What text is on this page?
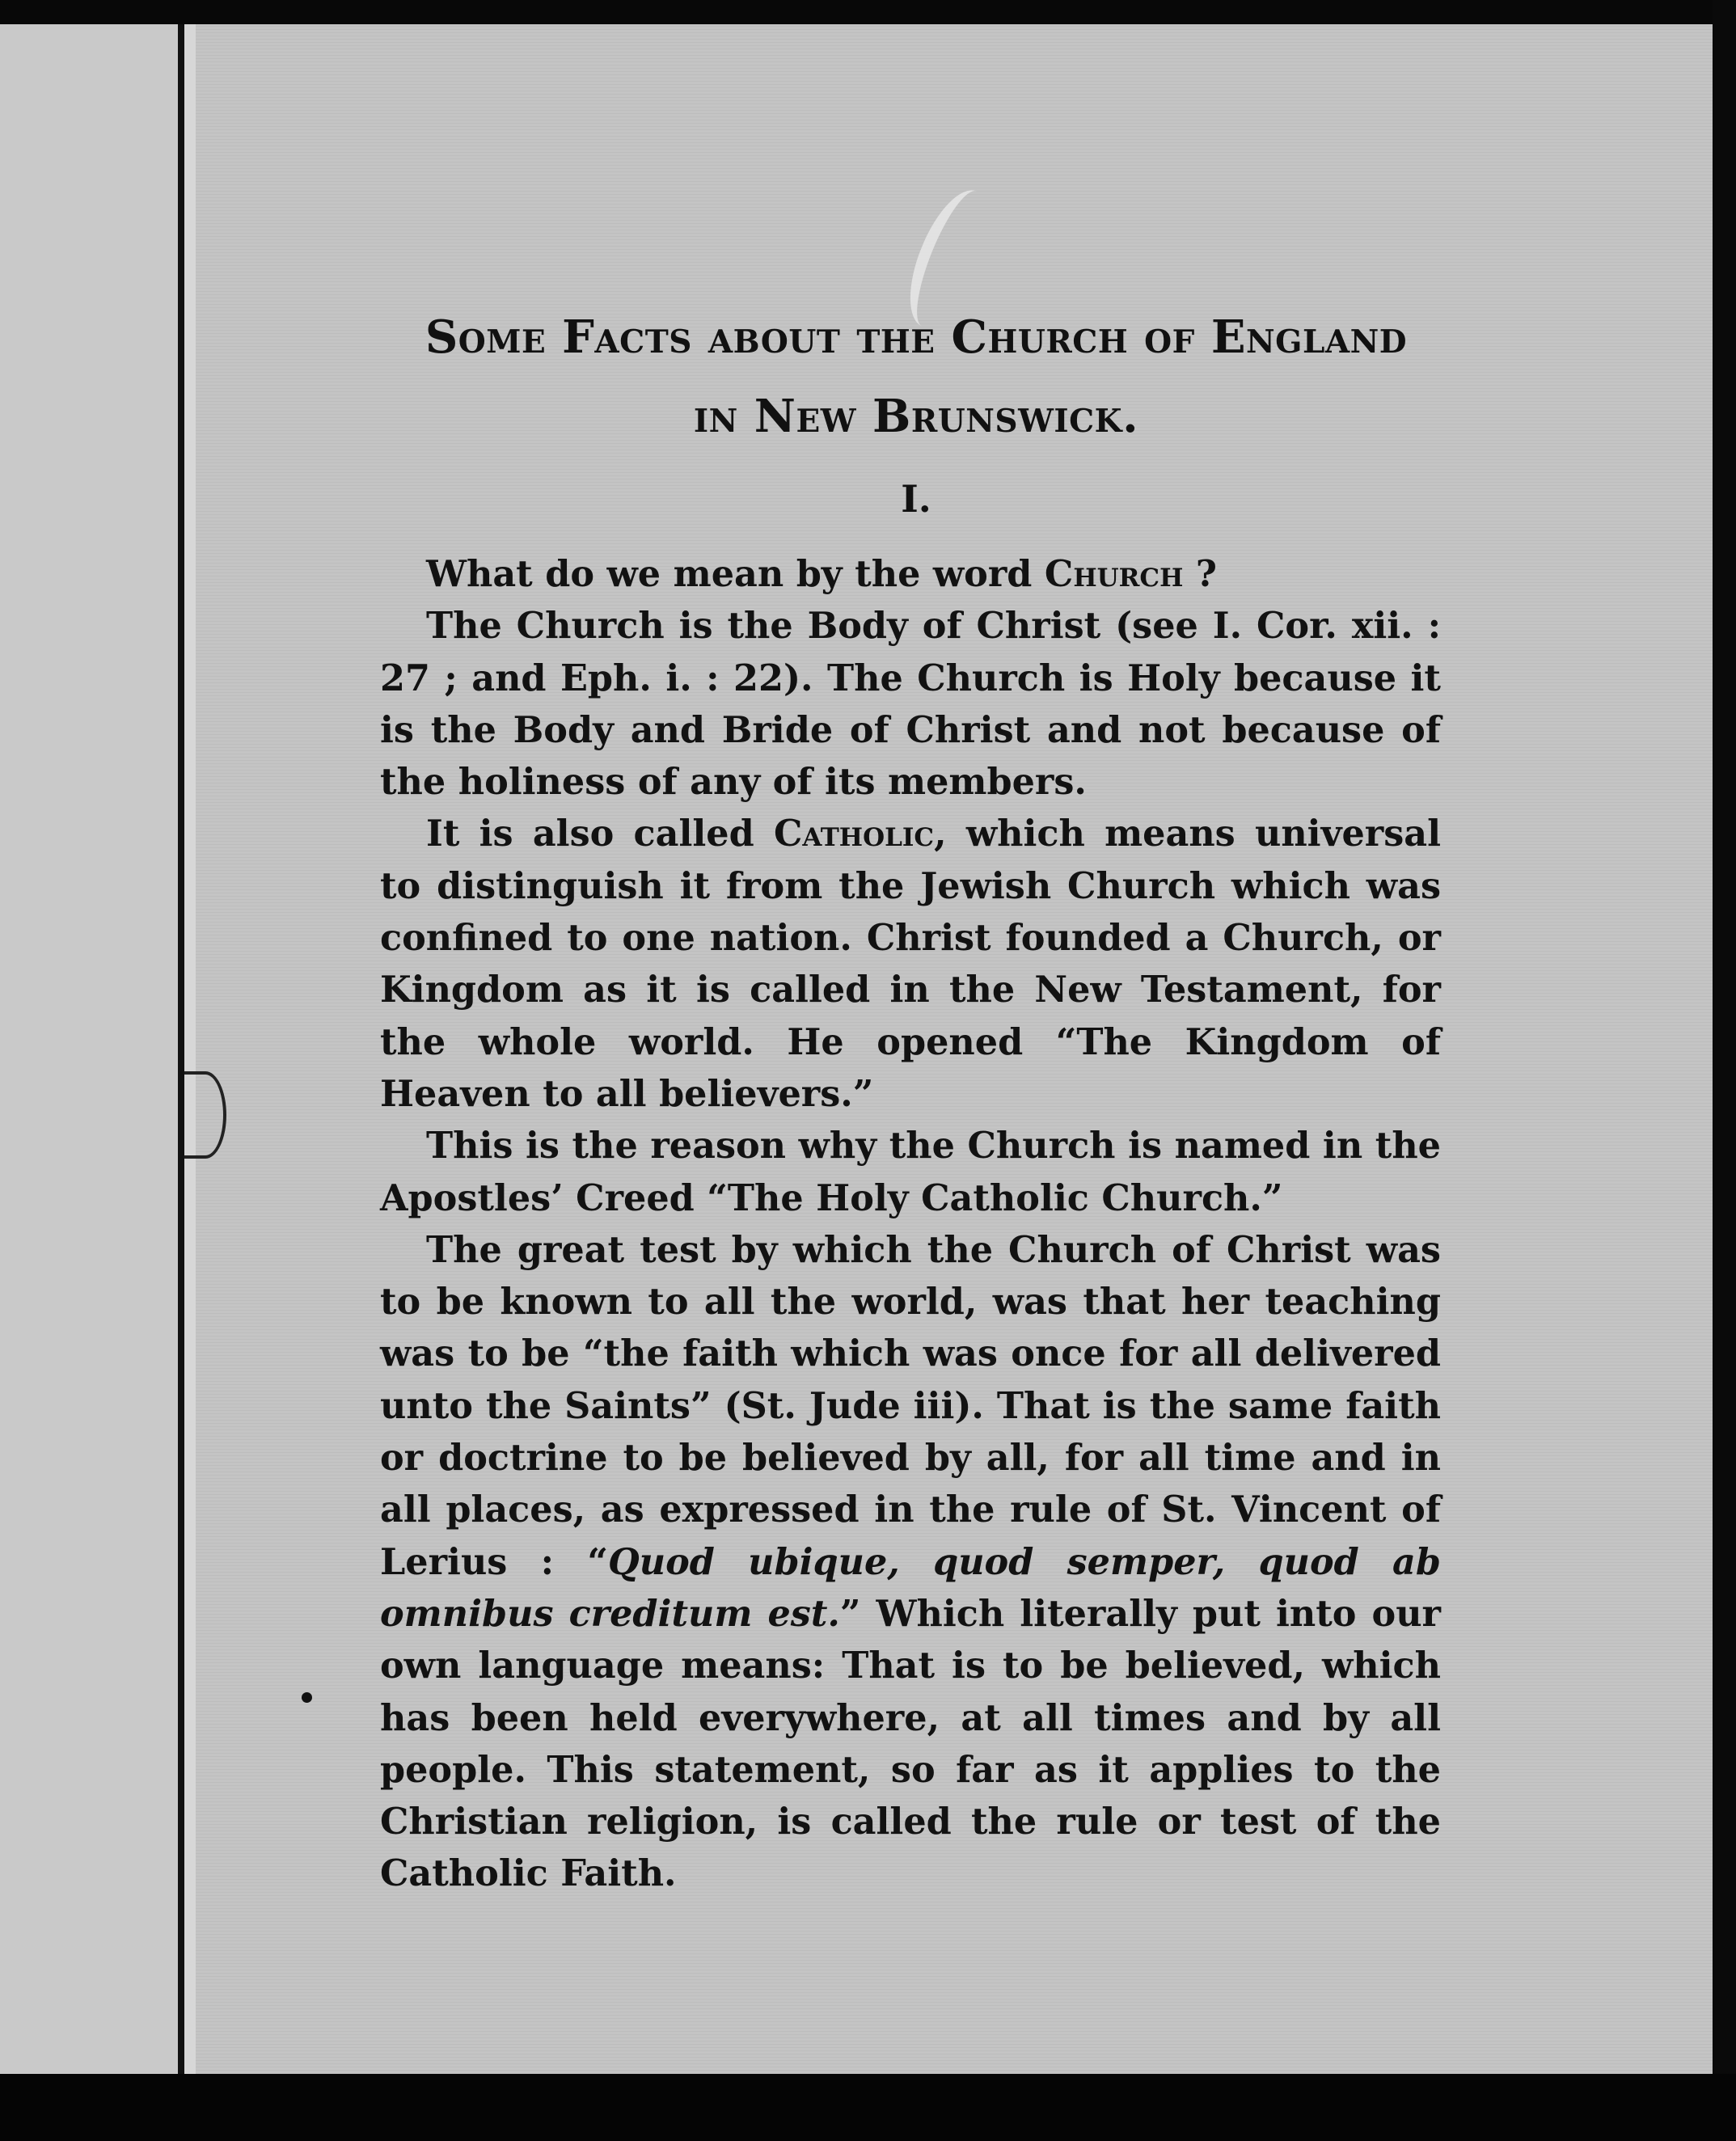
Some Facts about the Church of England
in New Brunswick.
I.

What do we mean by the word Church ?

The Church is the Body of Christ (see I. Cor. xii. : 27 ; and Eph. i. : 22). The Church is Holy because it is the Body and Bride of Christ and not because of the holiness of any of its members.

It is also called Catholic, which means universal to distinguish it from the Jewish Church which was confined to one nation. Christ founded a Church, or Kingdom as it is called in the New Testament, for the whole world. He opened “The Kingdom of Heaven to all believers.”

This is the reason why the Church is named in the Apostles’ Creed “The Holy Catholic Church.”

The great test by which the Church of Christ was to be known to all the world, was that her teaching was to be “the faith which was once for all delivered unto the Saints” (St. Jude iii). That is the same faith or doctrine to be believed by all, for all time and in all places, as expressed in the rule of St. Vincent of Lerius : “Quod ubique, quod semper, quod ab omnibus creditum est.” Which literally put into our own language means: That is to be believed, which has been held everywhere, at all times and by all people. This statement, so far as it applies to the Christian religion, is called the rule or test of the Catholic Faith.
